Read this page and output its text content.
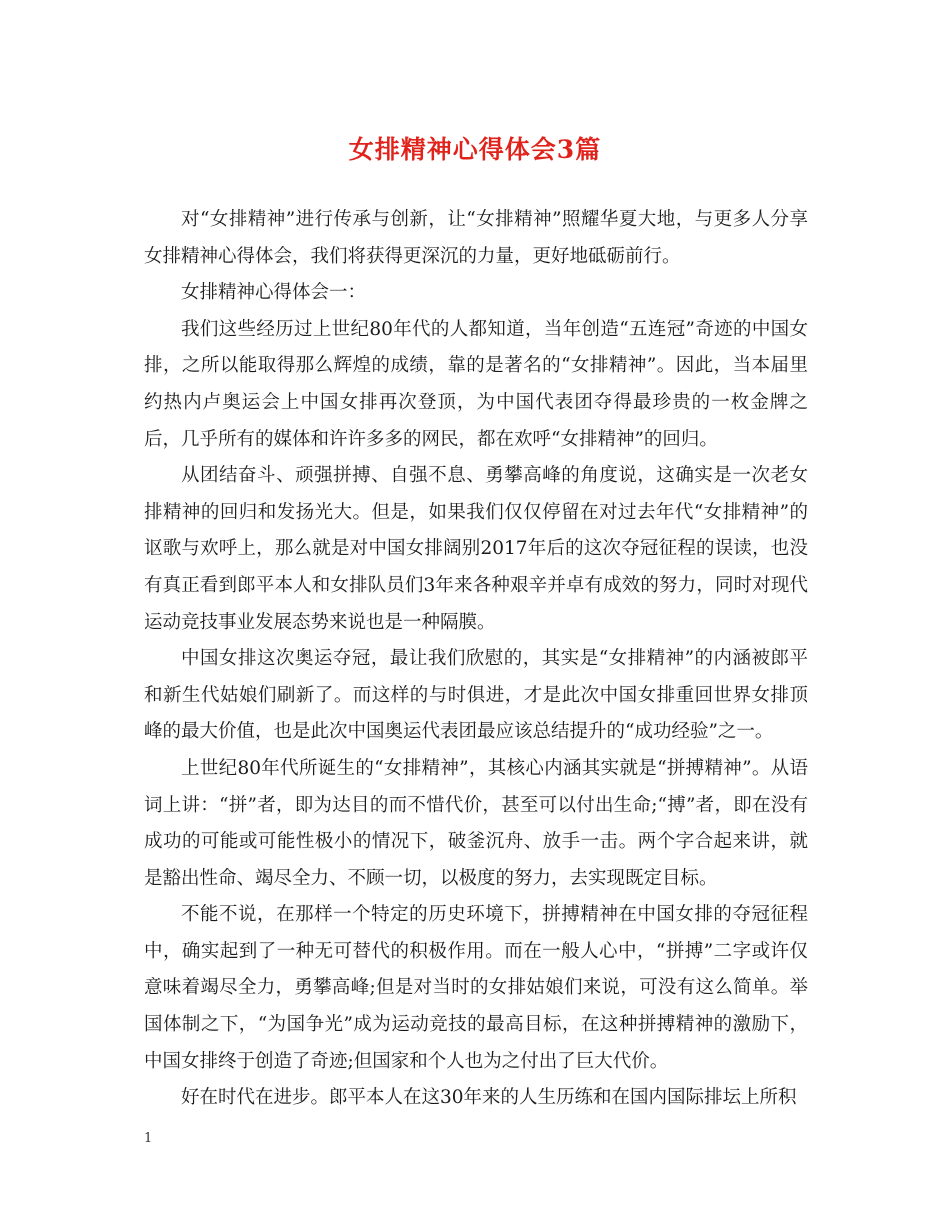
女排精神心得体会3篇

对“女排精神”进行传承与创新，让“女排精神”照耀华夏大地，与更多人分享女排精神心得体会，我们将获得更深沉的力量，更好地砥砺前行。

女排精神心得体会一：

我们这些经历过上世纪80年代的人都知道，当年创造“五连冠”奇迹的中国女排，之所以能取得那么辉煌的成绩，靠的是著名的“女排精神”。因此，当本届里约热内卢奥运会上中国女排再次登顶，为中国代表团夺得最珍贵的一枚金牌之后，几乎所有的媒体和许许多多的网民，都在欢呼“女排精神”的回归。

从团结奋斗、顽强拼搏、自强不息、勇攀高峰的角度说，这确实是一次老女排精神的回归和发扬光大。但是，如果我们仅仅停留在对过去年代“女排精神”的讴歌与欢呼上，那么就是对中国女排阔别2017年后的这次夺冠征程的误读，也没有真正看到郎平本人和女排队员们3年来各种艰辛并卓有成效的努力，同时对现代运动竞技事业发展态势来说也是一种隔膜。

中国女排这次奥运夺冠，最让我们欣慰的，其实是“女排精神”的内涵被郎平和新生代姑娘们刷新了。而这样的与时俱进，才是此次中国女排重回世界女排顶峰的最大价值，也是此次中国奥运代表团最应该总结提升的“成功经验”之一。

上世纪80年代所诞生的“女排精神”，其核心内涵其实就是“拼搏精神”。从语词上讲：“拼”者，即为达目的而不惜代价，甚至可以付出生命;“搏”者，即在没有成功的可能或可能性极小的情况下，破釜沉舟、放手一击。两个字合起来讲，就是豁出性命、竭尽全力、不顾一切，以极度的努力，去实现既定目标。

不能不说，在那样一个特定的历史环境下，拼搏精神在中国女排的夺冠征程中，确实起到了一种无可替代的积极作用。而在一般人心中，“拼搏”二字或许仅意味着竭尽全力，勇攀高峰;但是对当时的女排姑娘们来说，可没有这么简单。举国体制之下，“为国争光”成为运动竞技的最高目标，在这种拼搏精神的激励下，中国女排终于创造了奇迹;但国家和个人也为之付出了巨大代价。

好在时代在进步。郎平本人在这30年来的人生历练和在国内国际排坛上所积

1
